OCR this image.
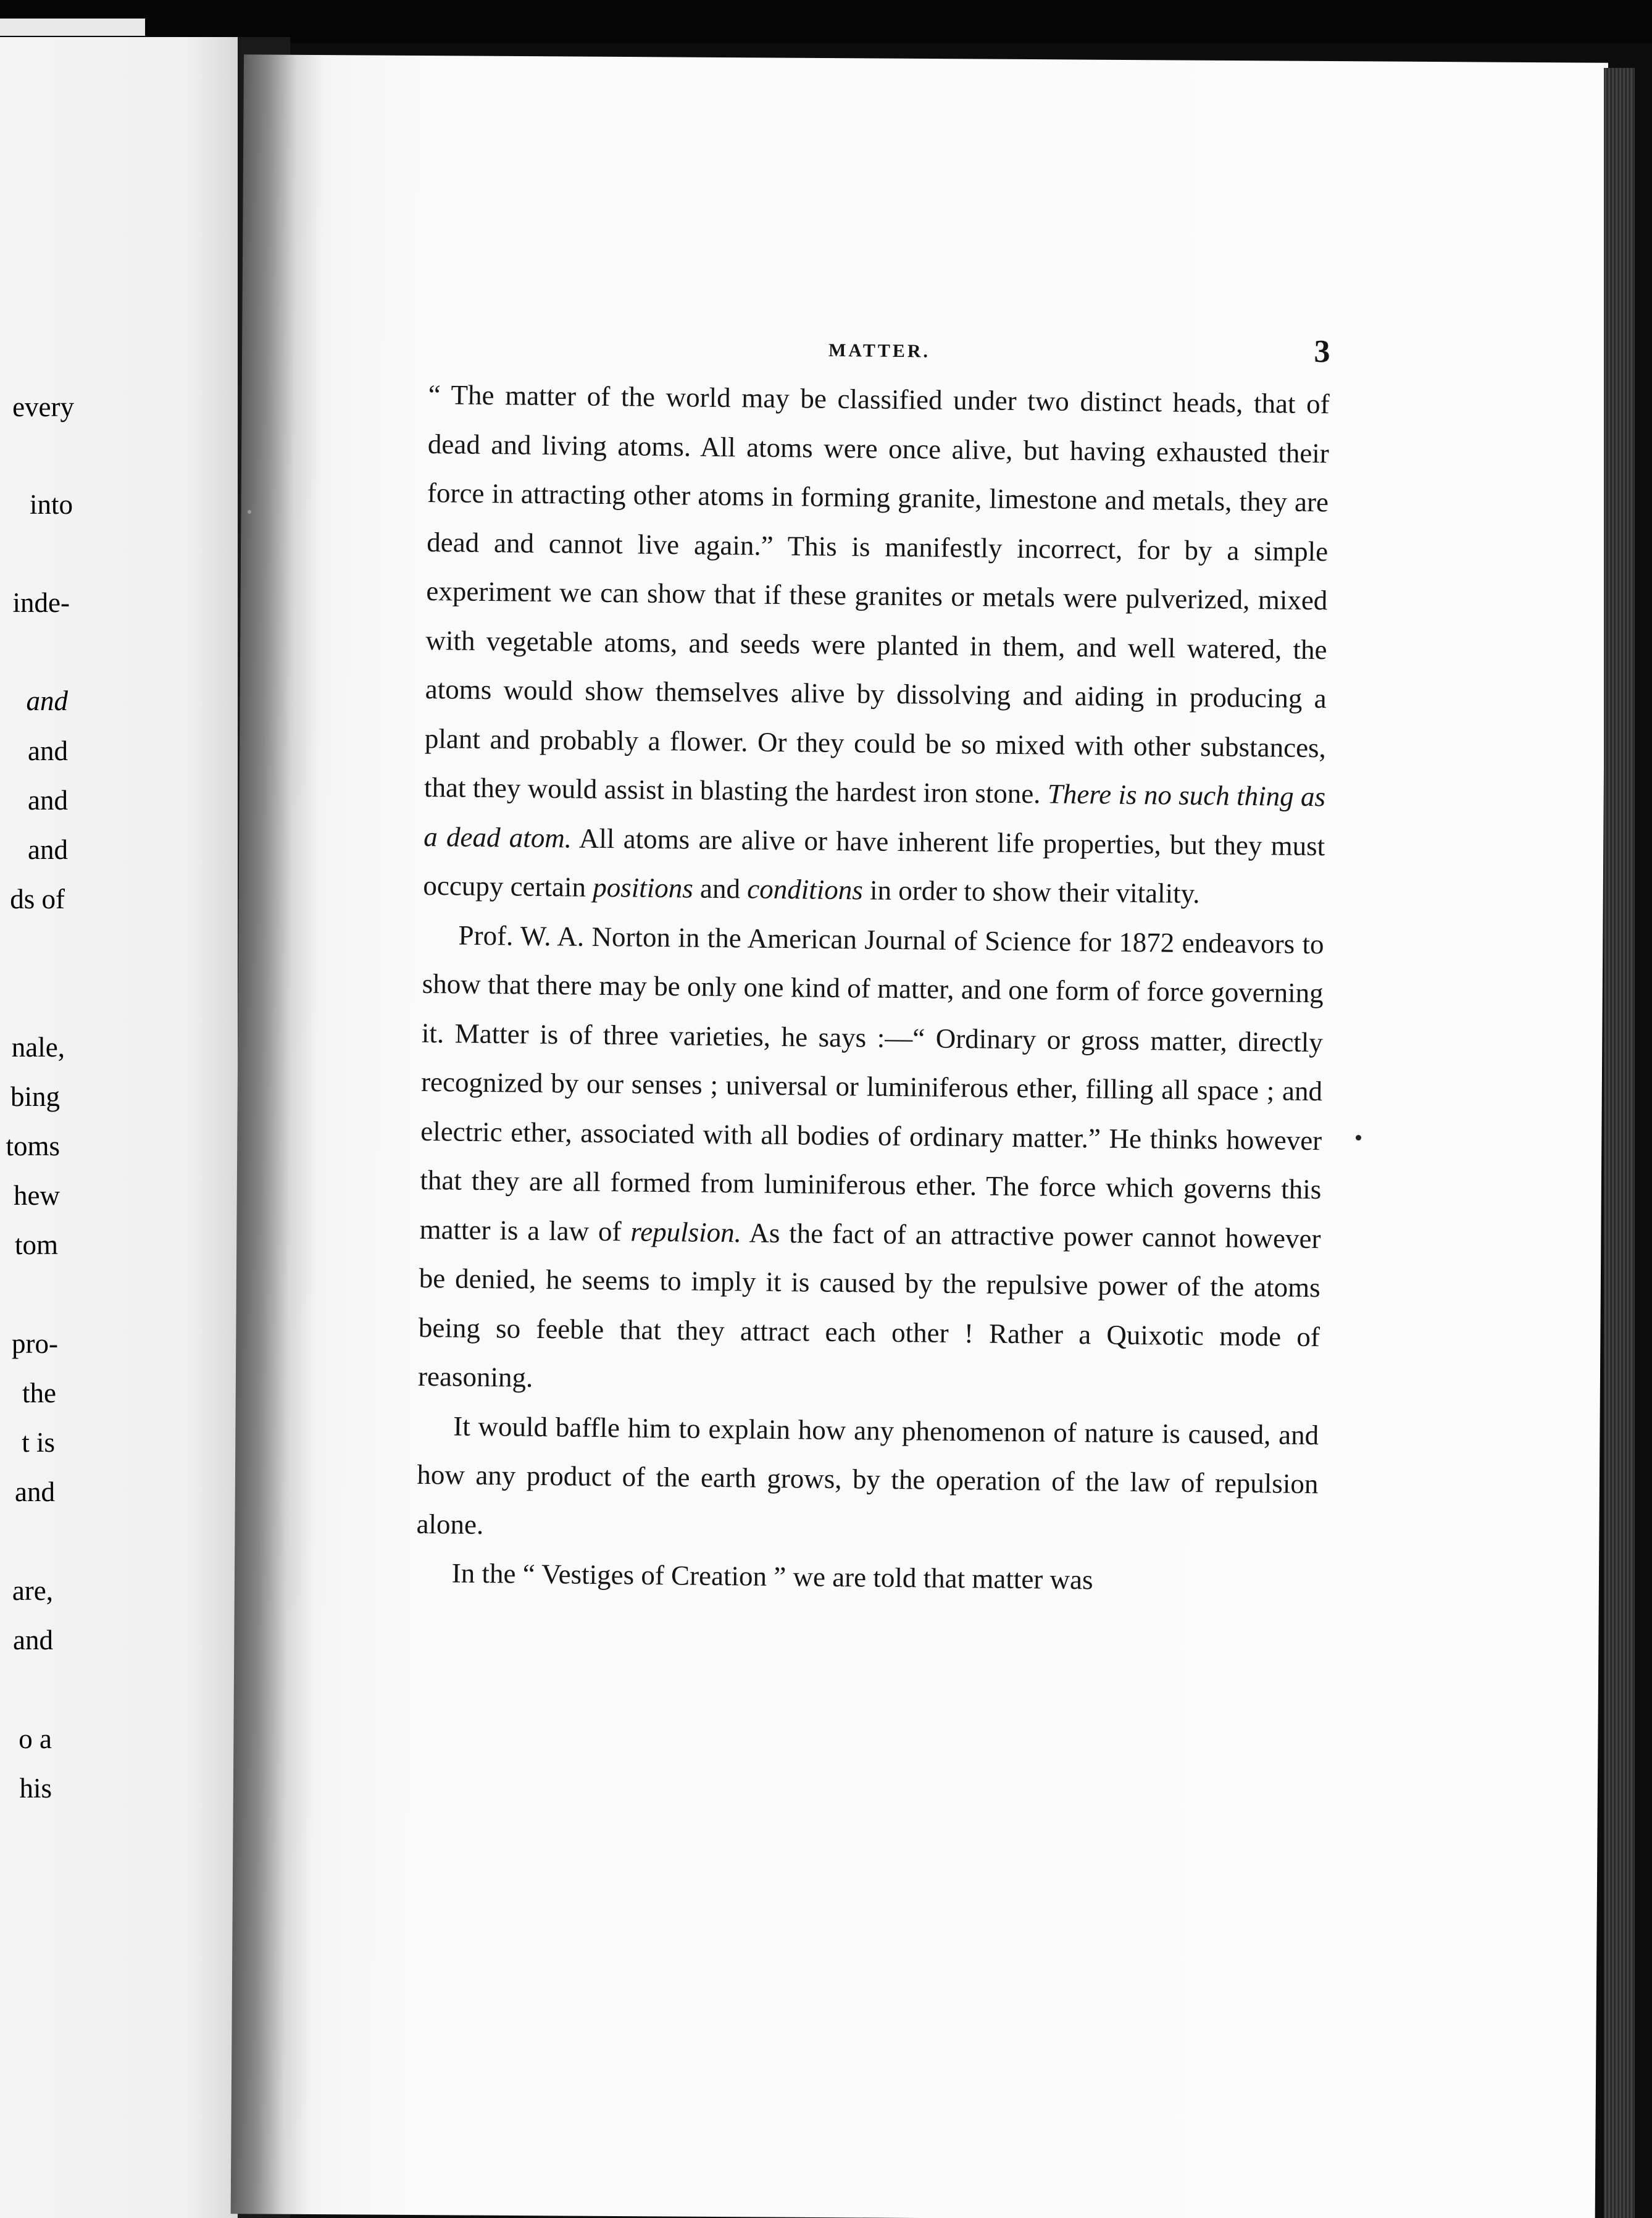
every
into
inde-
and
and
and
and
ds of
nale,
bing
toms
hew
tom
pro-
the
t is
and
are,
and
o a
his
MATTER.	3

“ The matter of the world may be classified under two distinct heads, that of dead and living atoms. All atoms were once alive, but having exhausted their force in attracting other atoms in forming granite, limestone and metals, they are dead and cannot live again.” This is manifestly incorrect, for by a simple experiment we can show that if these granites or metals were pulverized, mixed with vegetable atoms, and seeds were planted in them, and well watered, the atoms would show themselves alive by dissolving and aiding in producing a plant and probably a flower. Or they could be so mixed with other substances, that they would assist in blasting the hardest iron stone. There is no such thing as a dead atom. All atoms are alive or have inherent life properties, but they must occupy certain positions and conditions in order to show their vitality.

Prof. W. A. Norton in the American Journal of Science for 1872 endeavors to show that there may be only one kind of matter, and one form of force governing it. Matter is of three varieties, he says :—“ Ordinary or gross matter, directly recognized by our senses ; universal or luminiferous ether, filling all space ; and electric ether, associated with all bodies of ordinary matter.” He thinks however that they are all formed from luminiferous ether. The force which governs this matter is a law of repulsion. As the fact of an attractive power cannot however be denied, he seems to imply it is caused by the repulsive power of the atoms being so feeble that they attract each other ! Rather a Quixotic mode of reasoning.

It would baffle him to explain how any phenomenon of nature is caused, and how any product of the earth grows, by the operation of the law of repulsion alone.

In the “ Vestiges of Creation ” we are told that matter was
